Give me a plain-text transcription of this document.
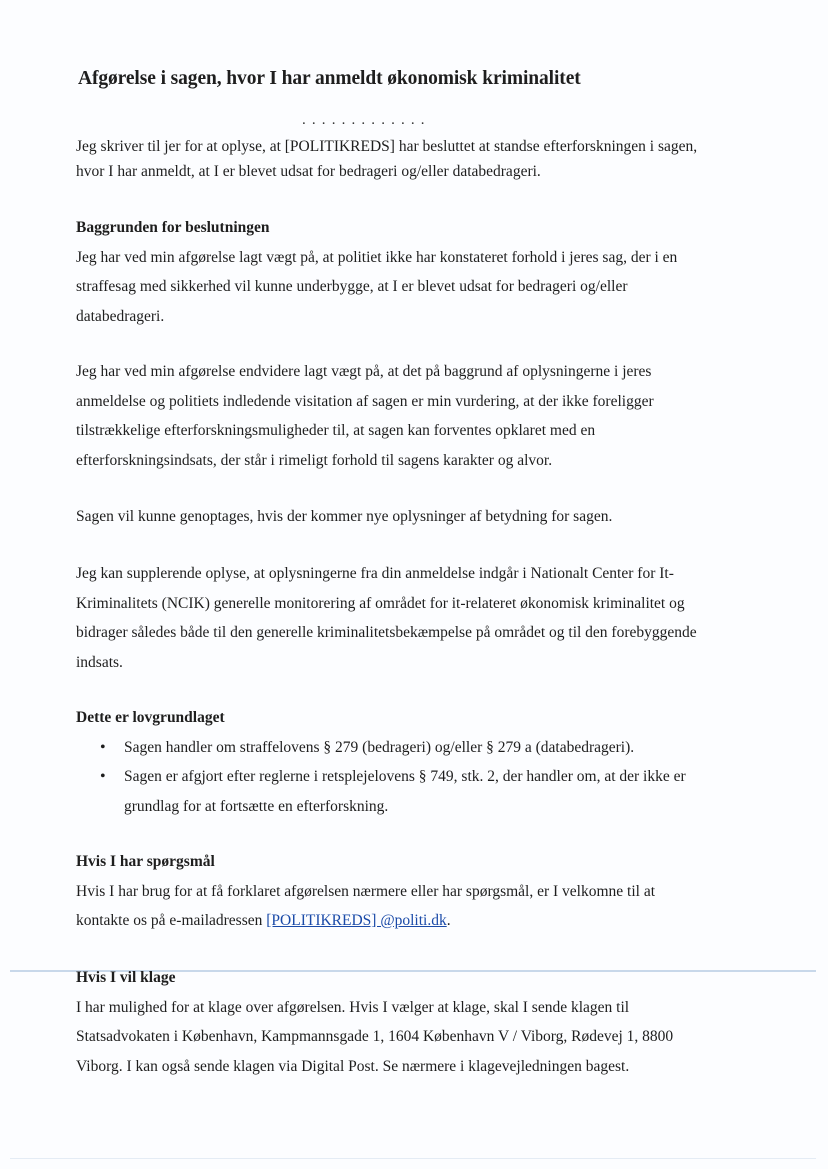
Afgørelse i sagen, hvor I har anmeldt økonomisk kriminalitet
. . . . . . . . . . . . .

Jeg skriver til jer for at oplyse, at [POLITIKREDS] har besluttet at standse efterforskningen i sagen,

hvor I har anmeldt, at I er blevet udsat for bedrageri og/eller databedrageri.

Baggrunden for beslutningen

Jeg har ved min afgørelse lagt vægt på, at politiet ikke har konstateret forhold i jeres sag, der i en

straffesag med sikkerhed vil kunne underbygge, at I er blevet udsat for bedrageri og/eller

databedrageri.

Jeg har ved min afgørelse endvidere lagt vægt på, at det på baggrund af oplysningerne i jeres

anmeldelse og politiets indledende visitation af sagen er min vurdering, at der ikke foreligger

tilstrækkelige efterforskningsmuligheder til, at sagen kan forventes opklaret med en

efterforskningsindsats, der står i rimeligt forhold til sagens karakter og alvor.

Sagen vil kunne genoptages, hvis der kommer nye oplysninger af betydning for sagen.

Jeg kan supplerende oplyse, at oplysningerne fra din anmeldelse indgår i Nationalt Center for It-

Kriminalitets (NCIK) generelle monitorering af området for it-relateret økonomisk kriminalitet og

bidrager således både til den generelle kriminalitetsbekæmpelse på området og til den forebyggende

indsats.

Dette er lovgrundlaget

• Sagen handler om straffelovens § 279 (bedrageri) og/eller § 279 a (databedrageri).
• Sagen er afgjort efter reglerne i retsplejelovens § 749, stk. 2, der handler om, at der ikke er
grundlag for at fortsætte en efterforskning.

Hvis I har spørgsmål

Hvis I har brug for at få forklaret afgørelsen nærmere eller har spørgsmål, er I velkomne til at

kontakte os på e-mailadressen [POLITIKREDS] @politi.dk.

Hvis I vil klage

I har mulighed for at klage over afgørelsen. Hvis I vælger at klage, skal I sende klagen til

Statsadvokaten i København, Kampmannsgade 1, 1604 København V / Viborg, Rødevej 1, 8800

Viborg. I kan også sende klagen via Digital Post. Se nærmere i klagevejledningen bagest.
